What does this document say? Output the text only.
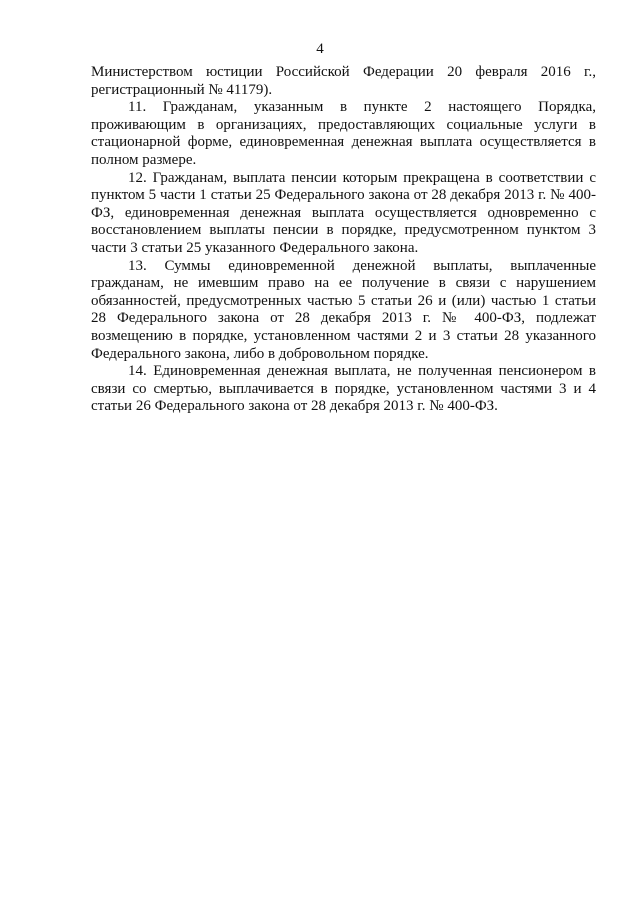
4

Министерством юстиции Российской Федерации 20 февраля 2016 г., регистрационный № 41179).

11. Гражданам, указанным в пункте 2 настоящего Порядка, проживающим в организациях, предоставляющих социальные услуги в стационарной форме, единовременная денежная выплата осуществляется в полном размере.

12. Гражданам, выплата пенсии которым прекращена в соответствии с пунктом 5 части 1 статьи 25 Федерального закона от 28 декабря 2013 г. № 400-ФЗ, единовременная денежная выплата осуществляется одновременно с восстановлением выплаты пенсии в порядке, предусмотренном пунктом 3 части 3 статьи 25 указанного Федерального закона.

13. Суммы единовременной денежной выплаты, выплаченные гражданам, не имевшим право на ее получение в связи с нарушением обязанностей, предусмотренных частью 5 статьи 26 и (или) частью 1 статьи 28 Федерального закона от 28 декабря 2013 г. № 400-ФЗ, подлежат возмещению в порядке, установленном частями 2 и 3 статьи 28 указанного Федерального закона, либо в добровольном порядке.

14. Единовременная денежная выплата, не полученная пенсионером в связи со смертью, выплачивается в порядке, установленном частями 3 и 4 статьи 26 Федерального закона от 28 декабря 2013 г. № 400-ФЗ.
